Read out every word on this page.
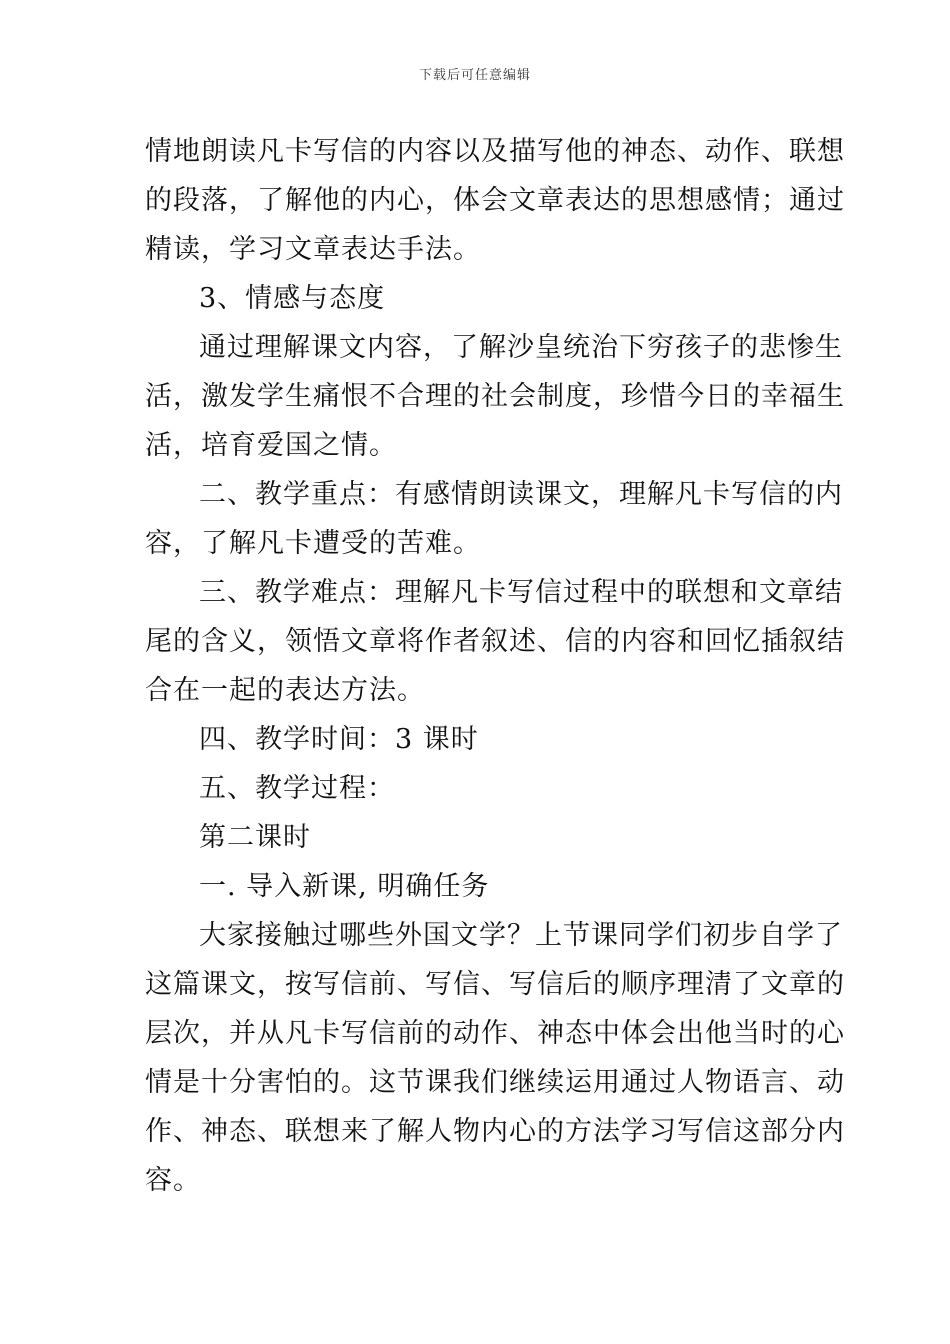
下载后可任意编辑

情地朗读凡卡写信的内容以及描写他的神态、动作、联想
的段落，了解他的内心，体会文章表达的思想感情；通过
精读，学习文章表达手法。

3、情感与态度

通过理解课文内容，了解沙皇统治下穷孩子的悲惨生
活，激发学生痛恨不合理的社会制度，珍惜今日的幸福生
活，培育爱国之情。

二、教学重点：有感情朗读课文，理解凡卡写信的内
容，了解凡卡遭受的苦难。

三、教学难点：理解凡卡写信过程中的联想和文章结
尾的含义，领悟文章将作者叙述、信的内容和回忆插叙结
合在一起的表达方法。

四、教学时间：3 课时

五、教学过程：

第二课时

一. 导入新课, 明确任务

大家接触过哪些外国文学？上节课同学们初步自学了
这篇课文，按写信前、写信、写信后的顺序理清了文章的
层次，并从凡卡写信前的动作、神态中体会出他当时的心
情是十分害怕的。这节课我们继续运用通过人物语言、动
作、神态、联想来了解人物内心的方法学习写信这部分内
容。
